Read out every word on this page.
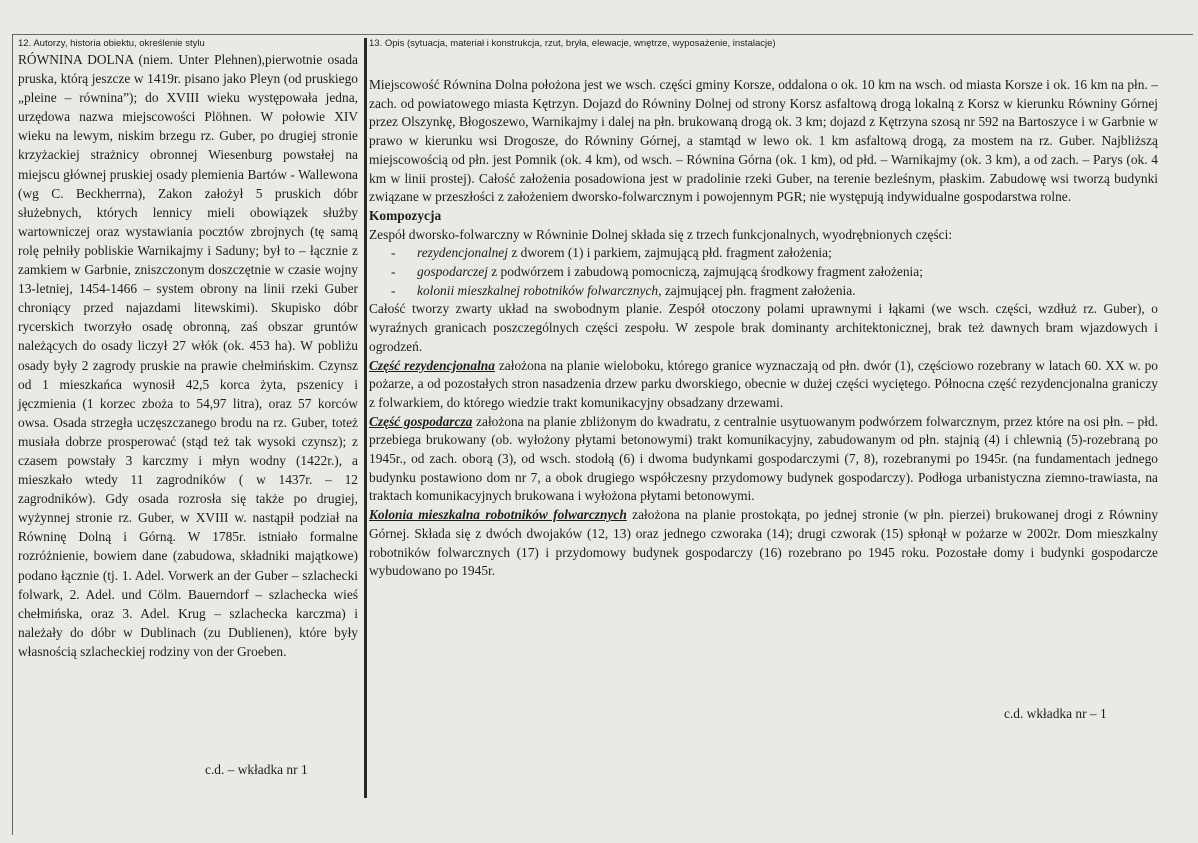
12. Autorzy, historia obiektu, określenie stylu

RÓWNINA DOLNA (niem. Unter Plehnen),pierwotnie osada pruska, którą jeszcze w 1419r. pisano jako Pleyn (od pruskiego „pleine – równina”); do XVIII wieku występowała jedna, urzędowa nazwa miejscowości Plöhnen. W połowie XIV wieku na lewym, niskim brzegu rz. Guber, po drugiej stronie krzyżackiej strażnicy obronnej Wiesenburg powstałej na miejscu głównej pruskiej osady plemienia Bartów - Wallewona (wg C. Beckherrna), Zakon założył 5 pruskich dóbr służebnych, których lennicy mieli obowiązek służby wartowniczej oraz wystawiania pocztów zbrojnych (tę samą rolę pełniły pobliskie Warnikajmy i Saduny; był to – łącznie z zamkiem w Garbnie, zniszczonym doszczętnie w czasie wojny 13-letniej, 1454-1466 – system obrony na linii rzeki Guber chroniący przed najazdami litewskimi). Skupisko dóbr rycerskich tworzyło osadę obronną, zaś obszar gruntów należących do osady liczył 27 włók (ok. 453 ha). W pobliżu osady były 2 zagrody pruskie na prawie chełmińskim. Czynsz od 1 mieszkańca wynosił 42,5 korca żyta, pszenicy i jęczmienia (1 korzec zboża to 54,97 litra), oraz 57 korców owsa. Osada strzegła uczęszczanego brodu na rz. Guber, toteż musiała dobrze prosperować (stąd też tak wysoki czynsz); z czasem powstały 3 karczmy i młyn wodny (1422r.), a mieszkało wtedy 11 zagrodników ( w 1437r. – 12 zagrodników). Gdy osada rozrosła się także po drugiej, wyżynnej stronie rz. Guber, w XVIII w. nastąpił podział na Równinę Dolną i Górną. W 1785r. istniało formalne rozróżnienie, bowiem dane (zabudowa, składniki majątkowe) podano łącznie (tj. 1. Adel. Vorwerk an der Guber – szlachecki folwark, 2. Adel. und Cölm. Bauerndorf – szlachecka wieś chełmińska, oraz 3. Adel. Krug – szlachecka karczma) i należały do dóbr w Dublinach (zu Dublienen), które były własnością szlacheckiej rodziny von der Groeben.

13. Opis (sytuacja, materiał i konstrukcja, rzut, bryła, elewacje, wnętrze, wyposażenie, instalacje)

Miejscowość Równina Dolna położona jest we wsch. części gminy Korsze, oddalona o ok. 10 km na wsch. od miasta Korsze i ok. 16 km na płn. – zach. od powiatowego miasta Kętrzyn. Dojazd do Równiny Dolnej od strony Korsz asfaltową drogą lokalną z Korsz w kierunku Równiny Górnej przez Olszynkę, Błogoszewo, Warnikajmy i dalej na płn. brukowaną drogą ok. 3 km; dojazd z Kętrzyna szosą nr 592 na Bartoszyce i w Garbnie w prawo w kierunku wsi Drogosze, do Równiny Górnej, a stamtąd w lewo ok. 1 km asfaltową drogą, za mostem na rz. Guber. Najbliższą miejscowością od płn. jest Pomnik (ok. 4 km), od wsch. – Równina Górna (ok. 1 km), od płd. – Warnikajmy (ok. 3 km), a od zach. – Parys (ok. 4 km w linii prostej). Całość założenia posadowiona jest w pradolinie rzeki Guber, na terenie bezleśnym, płaskim. Zabudowę wsi tworzą budynki związane w przeszłości z założeniem dworsko-folwarcznym i powojennym PGR; nie występują indywidualne gospodarstwa rolne.

Kompozycja

Zespół dworsko-folwarczny w Równinie Dolnej składa się z trzech funkcjonalnych, wyodrębnionych części:

- rezydencjonalnej z dworem (1) i parkiem, zajmującą płd. fragment założenia;
- gospodarczej z podwórzem i zabudową pomocniczą, zajmującą środkowy fragment założenia;
- kolonii mieszkalnej robotników folwarcznych, zajmującej płn. fragment założenia.

Całość tworzy zwarty układ na swobodnym planie. Zespół otoczony polami uprawnymi i łąkami (we wsch. części, wzdłuż rz. Guber), o wyraźnych granicach poszczególnych części zespołu. W zespole brak dominanty architektonicznej, brak też dawnych bram wjazdowych i ogrodzeń.

Część rezydencjonalna założona na planie wieloboku, którego granice wyznaczają od płn. dwór (1), częściowo rozebrany w latach 60. XX w. po pożarze, a od pozostałych stron nasadzenia drzew parku dworskiego, obecnie w dużej części wyciętego. Północna część rezydencjonalna graniczy z folwarkiem, do którego wiedzie trakt komunikacyjny obsadzany drzewami.

Część gospodarcza założona na planie zbliżonym do kwadratu, z centralnie usytuowanym podwórzem folwarcznym, przez które na osi płn. – płd. przebiega brukowany (ob. wyłożony płytami betonowymi) trakt komunikacyjny, zabudowanym od płn. stajnią (4) i chlewnią (5)-rozebraną po 1945r., od zach. oborą (3), od wsch. stodołą (6) i dwoma budynkami gospodarczymi (7, 8), rozebranymi po 1945r. (na fundamentach jednego budynku postawiono dom nr 7, a obok drugiego współczesny przydomowy budynek gospodarczy). Podłoga urbanistyczna ziemno-trawiasta, na traktach komunikacyjnych brukowana i wyłożona płytami betonowymi.

Kolonia mieszkalna robotników folwarcznych założona na planie prostokąta, po jednej stronie (w płn. pierzei) brukowanej drogi z Równiny Górnej. Składa się z dwóch dwojaków (12, 13) oraz jednego czworaka (14); drugi czworak (15) spłonął w pożarze w 2002r. Dom mieszkalny robotników folwarcznych (17) i przydomowy budynek gospodarczy (16) rozebrano po 1945 roku. Pozostałe domy i budynki gospodarcze wybudowano po 1945r.

c.d. – wkładka nr 1
c.d. wkładka nr – 1
